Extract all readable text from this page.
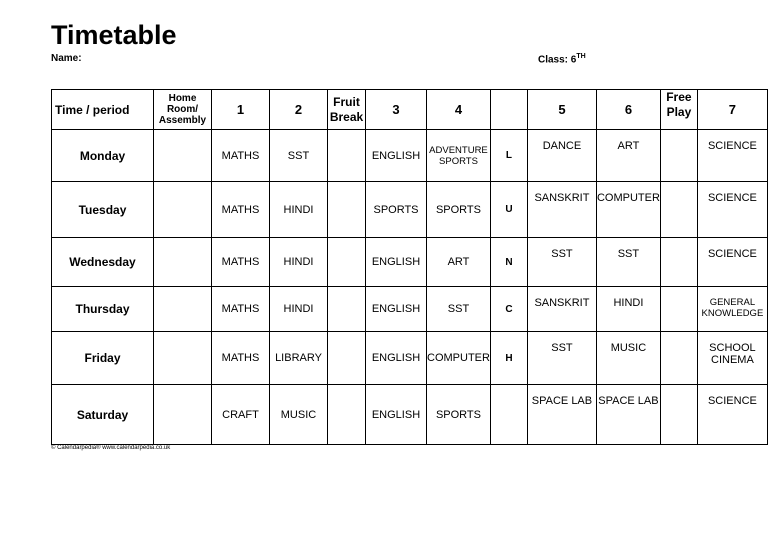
Timetable
Name:	Class: 6TH
Time / period	Home Room/ Assembly	1	2	Fruit Break	3	4		5	6	Free Play	7
Monday		MATHS	SST		ENGLISH	ADVENTURE SPORTS	L	DANCE	ART		SCIENCE
Tuesday		MATHS	HINDI		SPORTS	SPORTS	U	SANSKRIT	COMPUTER		SCIENCE
Wednesday		MATHS	HINDI		ENGLISH	ART	N	SST	SST		SCIENCE
Thursday		MATHS	HINDI		ENGLISH	SST	C	SANSKRIT	HINDI		GENERAL KNOWLEDGE
Friday		MATHS	LIBRARY		ENGLISH	COMPUTER	H	SST	MUSIC		SCHOOL CINEMA
Saturday		CRAFT	MUSIC		ENGLISH	SPORTS		SPACE LAB	SPACE LAB		SCIENCE
© Calendarpedia® www.calendarpedia.co.uk
